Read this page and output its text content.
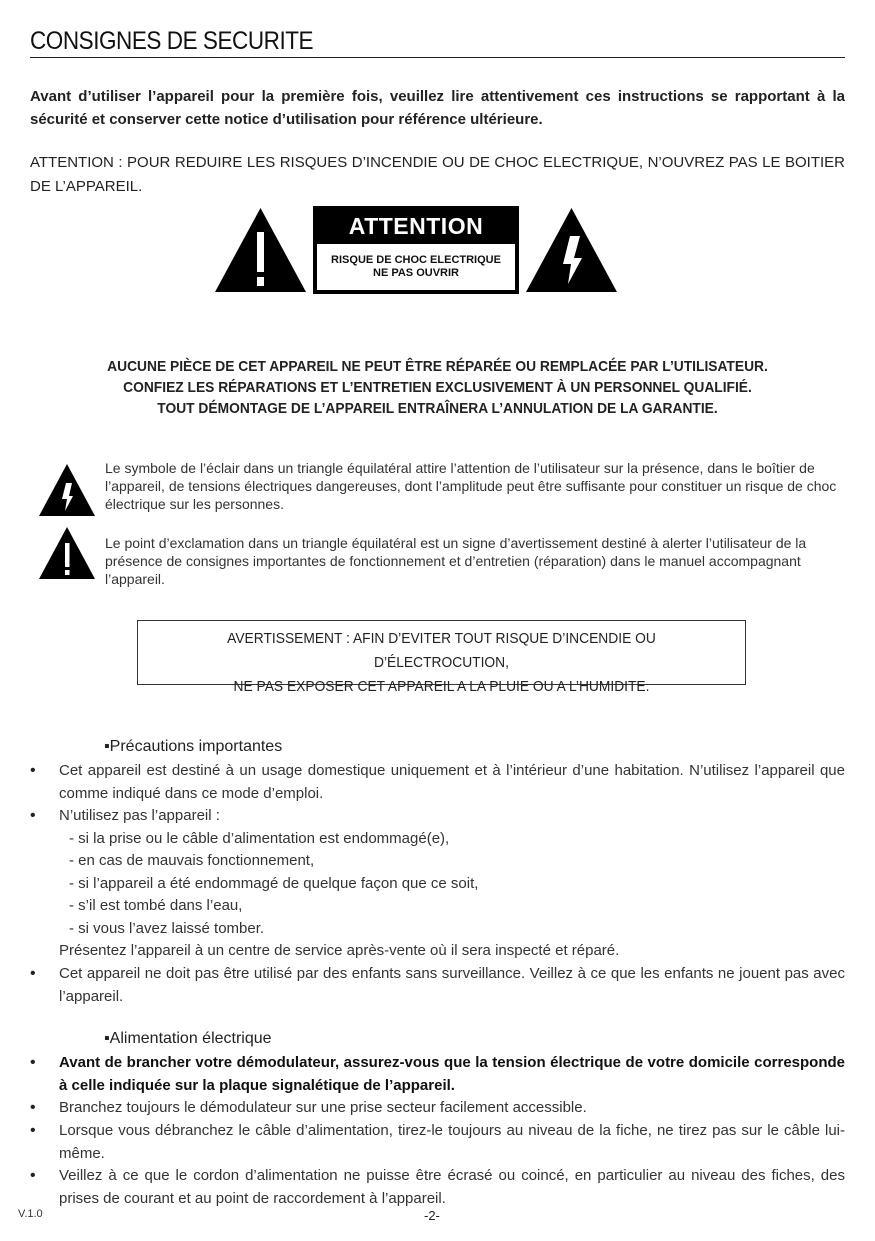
CONSIGNES DE SECURITE
Avant d’utiliser l’appareil pour la première fois, veuillez lire attentivement ces instructions se rapportant à la sécurité et conserver cette notice d’utilisation pour référence ultérieure.
ATTENTION : POUR REDUIRE LES RISQUES D’INCENDIE OU DE CHOC ELECTRIQUE, N’OUVREZ PAS LE BOITIER DE L’APPAREIL.
ATTENTION
RISQUE DE CHOC ELECTRIQUE
NE PAS OUVRIR
AUCUNE PIÈCE DE CET APPAREIL NE PEUT ÊTRE RÉPARÉE OU REMPLACÉE PAR L’UTILISATEUR.
CONFIEZ LES RÉPARATIONS ET L’ENTRETIEN EXCLUSIVEMENT À UN PERSONNEL QUALIFIÉ.
TOUT DÉMONTAGE DE L’APPAREIL ENTRAÎNERA L’ANNULATION DE LA GARANTIE.
Le symbole de l’éclair dans un triangle équilatéral attire l’attention de l’utilisateur sur la présence, dans le boîtier de l’appareil, de tensions électriques dangereuses, dont l’amplitude peut être suffisante pour constituer un risque de choc électrique sur les personnes.
Le point d’exclamation dans un triangle équilatéral est un signe d’avertissement destiné à alerter l’utilisateur de la présence de consignes importantes de fonctionnement et d’entretien (réparation) dans le manuel accompagnant l’appareil.
AVERTISSEMENT : AFIN D’EVITER TOUT RISQUE D’INCENDIE OU D’ÉLECTROCUTION,
NE PAS EXPOSER CET APPAREIL A LA PLUIE OU A L’HUMIDITE.
▪Précautions importantes
• Cet appareil est destiné à un usage domestique uniquement et à l’intérieur d’une habitation. N’utilisez l’appareil que comme indiqué dans ce mode d’emploi.
• N’utilisez pas l’appareil :
- si la prise ou le câble d’alimentation est endommagé(e),
- en cas de mauvais fonctionnement,
- si l’appareil a été endommagé de quelque façon que ce soit,
- s’il est tombé dans l’eau,
- si vous l’avez laissé tomber.
Présentez l’appareil à un centre de service après-vente où il sera inspecté et réparé.
• Cet appareil ne doit pas être utilisé par des enfants sans surveillance. Veillez à ce que les enfants ne jouent pas avec l’appareil.
▪Alimentation électrique
• Avant de brancher votre démodulateur, assurez-vous que la tension électrique de votre domicile corresponde à celle indiquée sur la plaque signalétique de l’appareil.
• Branchez toujours le démodulateur sur une prise secteur facilement accessible.
• Lorsque vous débranchez le câble d’alimentation, tirez-le toujours au niveau de la fiche, ne tirez pas sur le câble lui-même.
• Veillez à ce que le cordon d’alimentation ne puisse être écrasé ou coincé, en particulier au niveau des fiches, des prises de courant et au point de raccordement à l’appareil.
V.1.0	-2-
